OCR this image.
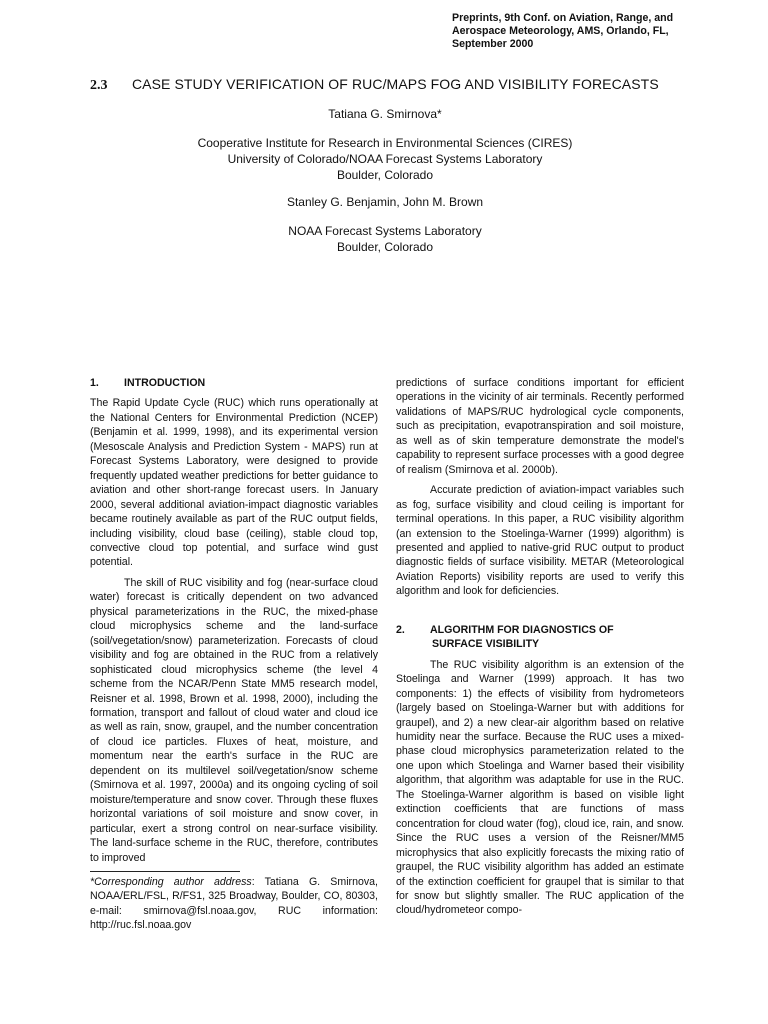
Preprints, 9th Conf. on Aviation, Range, and
Aerospace Meteorology, AMS, Orlando, FL,
September 2000
2.3 CASE STUDY VERIFICATION OF RUC/MAPS FOG AND VISIBILITY FORECASTS
Tatiana G. Smirnova*
Cooperative Institute for Research in Environmental Sciences (CIRES)
University of Colorado/NOAA Forecast Systems Laboratory
Boulder, Colorado
Stanley G. Benjamin, John M. Brown
NOAA Forecast Systems Laboratory
Boulder, Colorado
1. INTRODUCTION

The Rapid Update Cycle (RUC) which runs operationally at the National Centers for Environmental Prediction (NCEP) (Benjamin et al. 1999, 1998), and its experimental version (Mesoscale Analysis and Prediction System - MAPS) run at Forecast Systems Laboratory, were designed to provide frequently updated weather predictions for better guidance to aviation and other short-range forecast users. In January 2000, several additional aviation-impact diagnostic variables became routinely available as part of the RUC output fields, including visibility, cloud base (ceiling), stable cloud top, convective cloud top potential, and surface wind gust potential.

The skill of RUC visibility and fog (near-surface cloud water) forecast is critically dependent on two advanced physical parameterizations in the RUC, the mixed-phase cloud microphysics scheme and the land-surface (soil/vegetation/snow) parameterization. Forecasts of cloud visibility and fog are obtained in the RUC from a relatively sophisticated cloud microphysics scheme (the level 4 scheme from the NCAR/Penn State MM5 research model, Reisner et al. 1998, Brown et al. 1998, 2000), including the formation, transport and fallout of cloud water and cloud ice as well as rain, snow, graupel, and the number concentration of cloud ice particles. Fluxes of heat, moisture, and momentum near the earth's surface in the RUC are dependent on its multilevel soil/vegetation/snow scheme (Smirnova et al. 1997, 2000a) and its ongoing cycling of soil moisture/temperature and snow cover. Through these fluxes horizontal variations of soil moisture and snow cover, in particular, exert a strong control on near-surface visibility. The land-surface scheme in the RUC, therefore, contributes to improved

*Corresponding author address: Tatiana G. Smirnova, NOAA/ERL/FSL, R/FS1, 325 Broadway, Boulder, CO, 80303, e-mail: smirnova@fsl.noaa.gov, RUC information: http://ruc.fsl.noaa.gov

predictions of surface conditions important for efficient operations in the vicinity of air terminals. Recently performed validations of MAPS/RUC hydrological cycle components, such as precipitation, evapotranspiration and soil moisture, as well as of skin temperature demonstrate the model's capability to represent surface processes with a good degree of realism (Smirnova et al. 2000b).

Accurate prediction of aviation-impact variables such as fog, surface visibility and cloud ceiling is important for terminal operations. In this paper, a RUC visibility algorithm (an extension to the Stoelinga-Warner (1999) algorithm) is presented and applied to native-grid RUC output to product diagnostic fields of surface visibility. METAR (Meteorological Aviation Reports) visibility reports are used to verify this algorithm and look for deficiencies.

2. ALGORITHM FOR DIAGNOSTICS OF
SURFACE VISIBILITY

The RUC visibility algorithm is an extension of the Stoelinga and Warner (1999) approach. It has two components: 1) the effects of visibility from hydrometeors (largely based on Stoelinga-Warner but with additions for graupel), and 2) a new clear-air algorithm based on relative humidity near the surface. Because the RUC uses a mixed-phase cloud microphysics parameterization related to the one upon which Stoelinga and Warner based their visibility algorithm, that algorithm was adaptable for use in the RUC. The Stoelinga-Warner algorithm is based on visible light extinction coefficients that are functions of mass concentration for cloud water (fog), cloud ice, rain, and snow. Since the RUC uses a version of the Reisner/MM5 microphysics that also explicitly forecasts the mixing ratio of graupel, the RUC visibility algorithm has added an estimate of the extinction coefficient for graupel that is similar to that for snow but slightly smaller. The RUC application of the cloud/hydrometeor compo-
